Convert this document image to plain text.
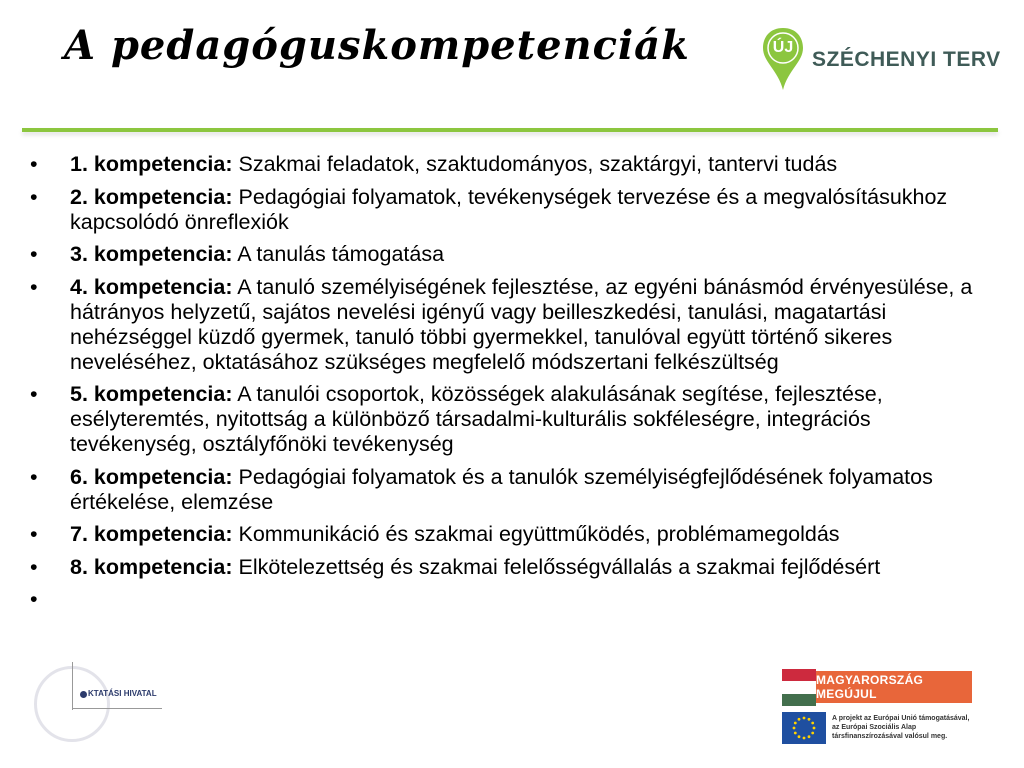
A pedagóguskompetenciák	ÚJ
SZÉCHENYI TERV
•	1. kompetencia: Szakmai feladatok, szaktudományos, szaktárgyi, tantervi tudás
•	2. kompetencia: Pedagógiai folyamatok, tevékenységek tervezése és a megvalósításukhoz kapcsolódó önreflexiók
•	3. kompetencia: A tanulás támogatása
•	4. kompetencia: A tanuló személyiségének fejlesztése, az egyéni bánásmód érvényesülése, a hátrányos helyzetű, sajátos nevelési igényű vagy beilleszkedési, tanulási, magatartási nehézséggel küzdő gyermek, tanuló többi gyermekkel, tanulóval együtt történő sikeres neveléséhez, oktatásához szükséges megfelelő módszertani felkészültség
•	5. kompetencia: A tanulói csoportok, közösségek alakulásának segítése, fejlesztése, esélyteremtés, nyitottság a különböző társadalmi-kulturális sokféleségre, integrációs tevékenység, osztályfőnöki tevékenység
•	6. kompetencia: Pedagógiai folyamatok és a tanulók személyiségfejlődésének folyamatos értékelése, elemzése
•	7. kompetencia: Kommunikáció és szakmai együttműködés, problémamegoldás
•	8. kompetencia: Elkötelezettség és szakmai felelősségvállalás a szakmai fejlődésért
•
KTATÁSI HIVATAL
MAGYARORSZÁG MEGÚJUL
A projekt az Európai Unió támogatásával,
az Európai Szociális Alap
társfinanszírozásával valósul meg.
